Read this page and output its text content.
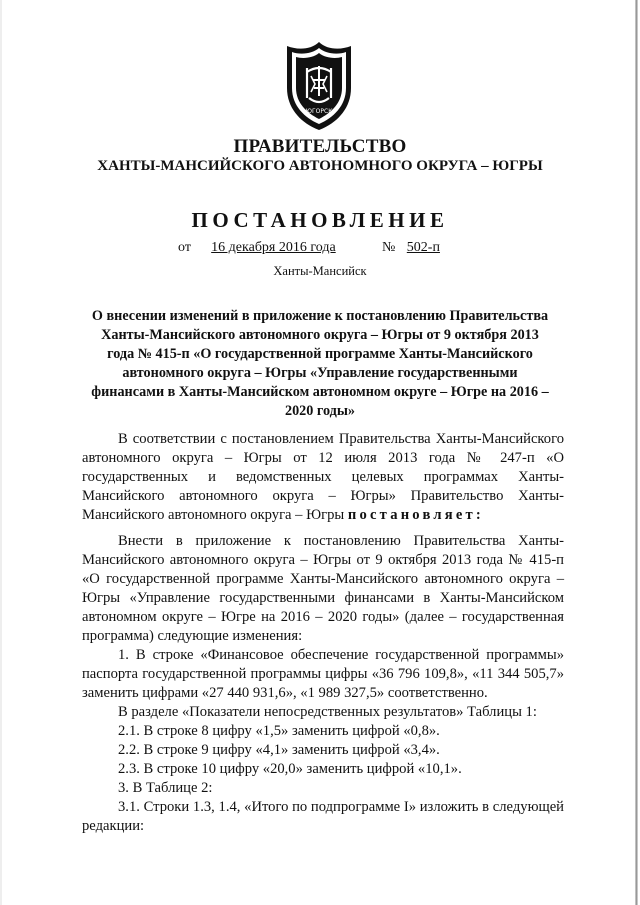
ЮГОРСК
ПРАВИТЕЛЬСТВО
ХАНТЫ-МАНСИЙСКОГО АВТОНОМНОГО ОКРУГА – ЮГРЫ
ПОСТАНОВЛЕНИЕ
от 16 декабря 2016 года	№ 502-п
Ханты-Мансийск
О внесении изменений в приложение к постановлению Правительства Ханты-Мансийского автономного округа – Югры от 9 октября 2013 года № 415-п «О государственной программе Ханты-Мансийского автономного округа – Югры «Управление государственными финансами в Ханты-Мансийском автономном округе – Югре на 2016 – 2020 годы»

В соответствии с постановлением Правительства Ханты-Мансийского автономного округа – Югры от 12 июля 2013 года № 247-п «О государственных и ведомственных целевых программах Ханты-Мансийского автономного округа – Югры» Правительство Ханты-Мансийского автономного округа – Югры постановляет:

Внести в приложение к постановлению Правительства Ханты-Мансийского автономного округа – Югры от 9 октября 2013 года № 415-п «О государственной программе Ханты-Мансийского автономного округа – Югры «Управление государственными финансами в Ханты-Мансийском автономном округе – Югре на 2016 – 2020 годы» (далее – государственная программа) следующие изменения:

1. В строке «Финансовое обеспечение государственной программы» паспорта государственной программы цифры «36 796 109,8», «11 344 505,7» заменить цифрами «27 440 931,6», «1 989 327,5» соответственно.

В разделе «Показатели непосредственных результатов» Таблицы 1:

2.1. В строке 8 цифру «1,5» заменить цифрой «0,8».

2.2. В строке 9 цифру «4,1» заменить цифрой «3,4».

2.3. В строке 10 цифру «20,0» заменить цифрой «10,1».

3. В Таблице 2:

3.1. Строки 1.3, 1.4, «Итого по подпрограмме I» изложить в следующей редакции:
